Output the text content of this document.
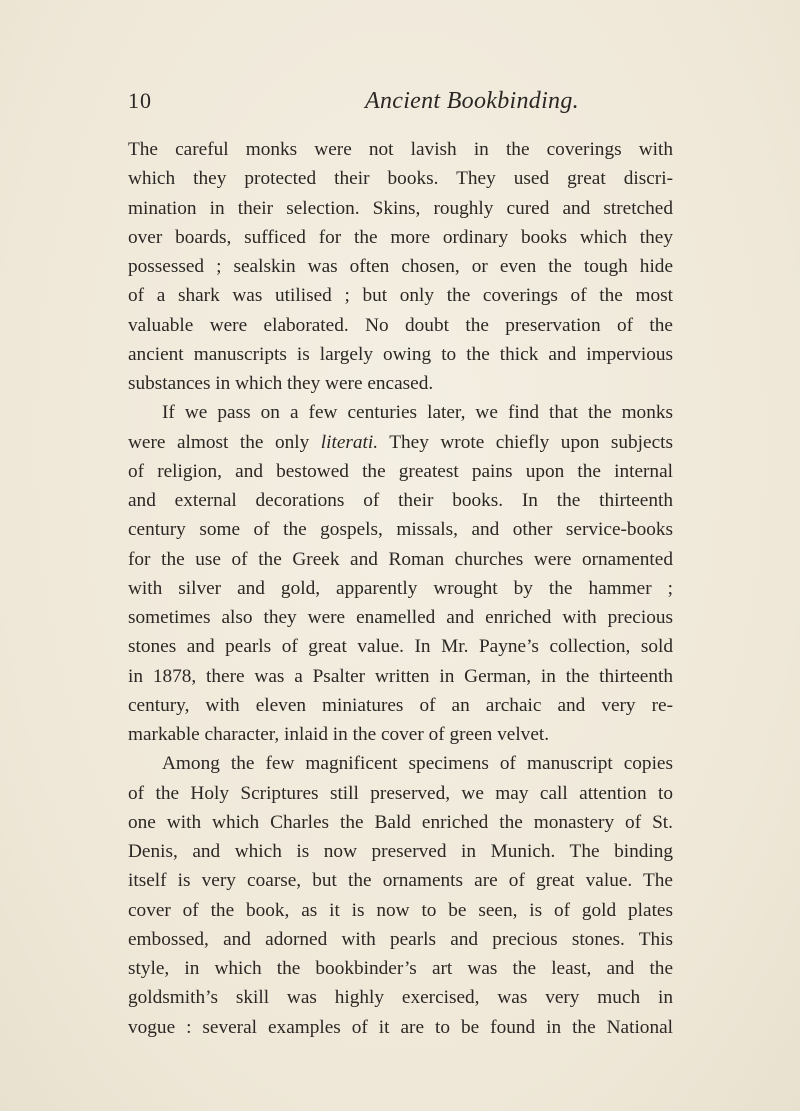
10	Ancient Bookbinding.
The careful monks were not lavish in the coverings with
which they protected their books. They used great discri-
mination in their selection. Skins, roughly cured and stretched
over boards, sufficed for the more ordinary books which they
possessed ; sealskin was often chosen, or even the tough hide
of a shark was utilised ; but only the coverings of the most
valuable were elaborated. No doubt the preservation of the
ancient manuscripts is largely owing to the thick and impervious
substances in which they were encased.
If we pass on a few centuries later, we find that the monks
were almost the only literati. They wrote chiefly upon subjects
of religion, and bestowed the greatest pains upon the internal
and external decorations of their books. In the thirteenth
century some of the gospels, missals, and other service-books
for the use of the Greek and Roman churches were ornamented
with silver and gold, apparently wrought by the hammer ;
sometimes also they were enamelled and enriched with precious
stones and pearls of great value. In Mr. Payne’s collection, sold
in 1878, there was a Psalter written in German, in the thirteenth
century, with eleven miniatures of an archaic and very re-
markable character, inlaid in the cover of green velvet.
Among the few magnificent specimens of manuscript copies
of the Holy Scriptures still preserved, we may call attention to
one with which Charles the Bald enriched the monastery of St.
Denis, and which is now preserved in Munich. The binding
itself is very coarse, but the ornaments are of great value. The
cover of the book, as it is now to be seen, is of gold plates
embossed, and adorned with pearls and precious stones. This
style, in which the bookbinder’s art was the least, and the
goldsmith’s skill was highly exercised, was very much in
vogue : several examples of it are to be found in the National
